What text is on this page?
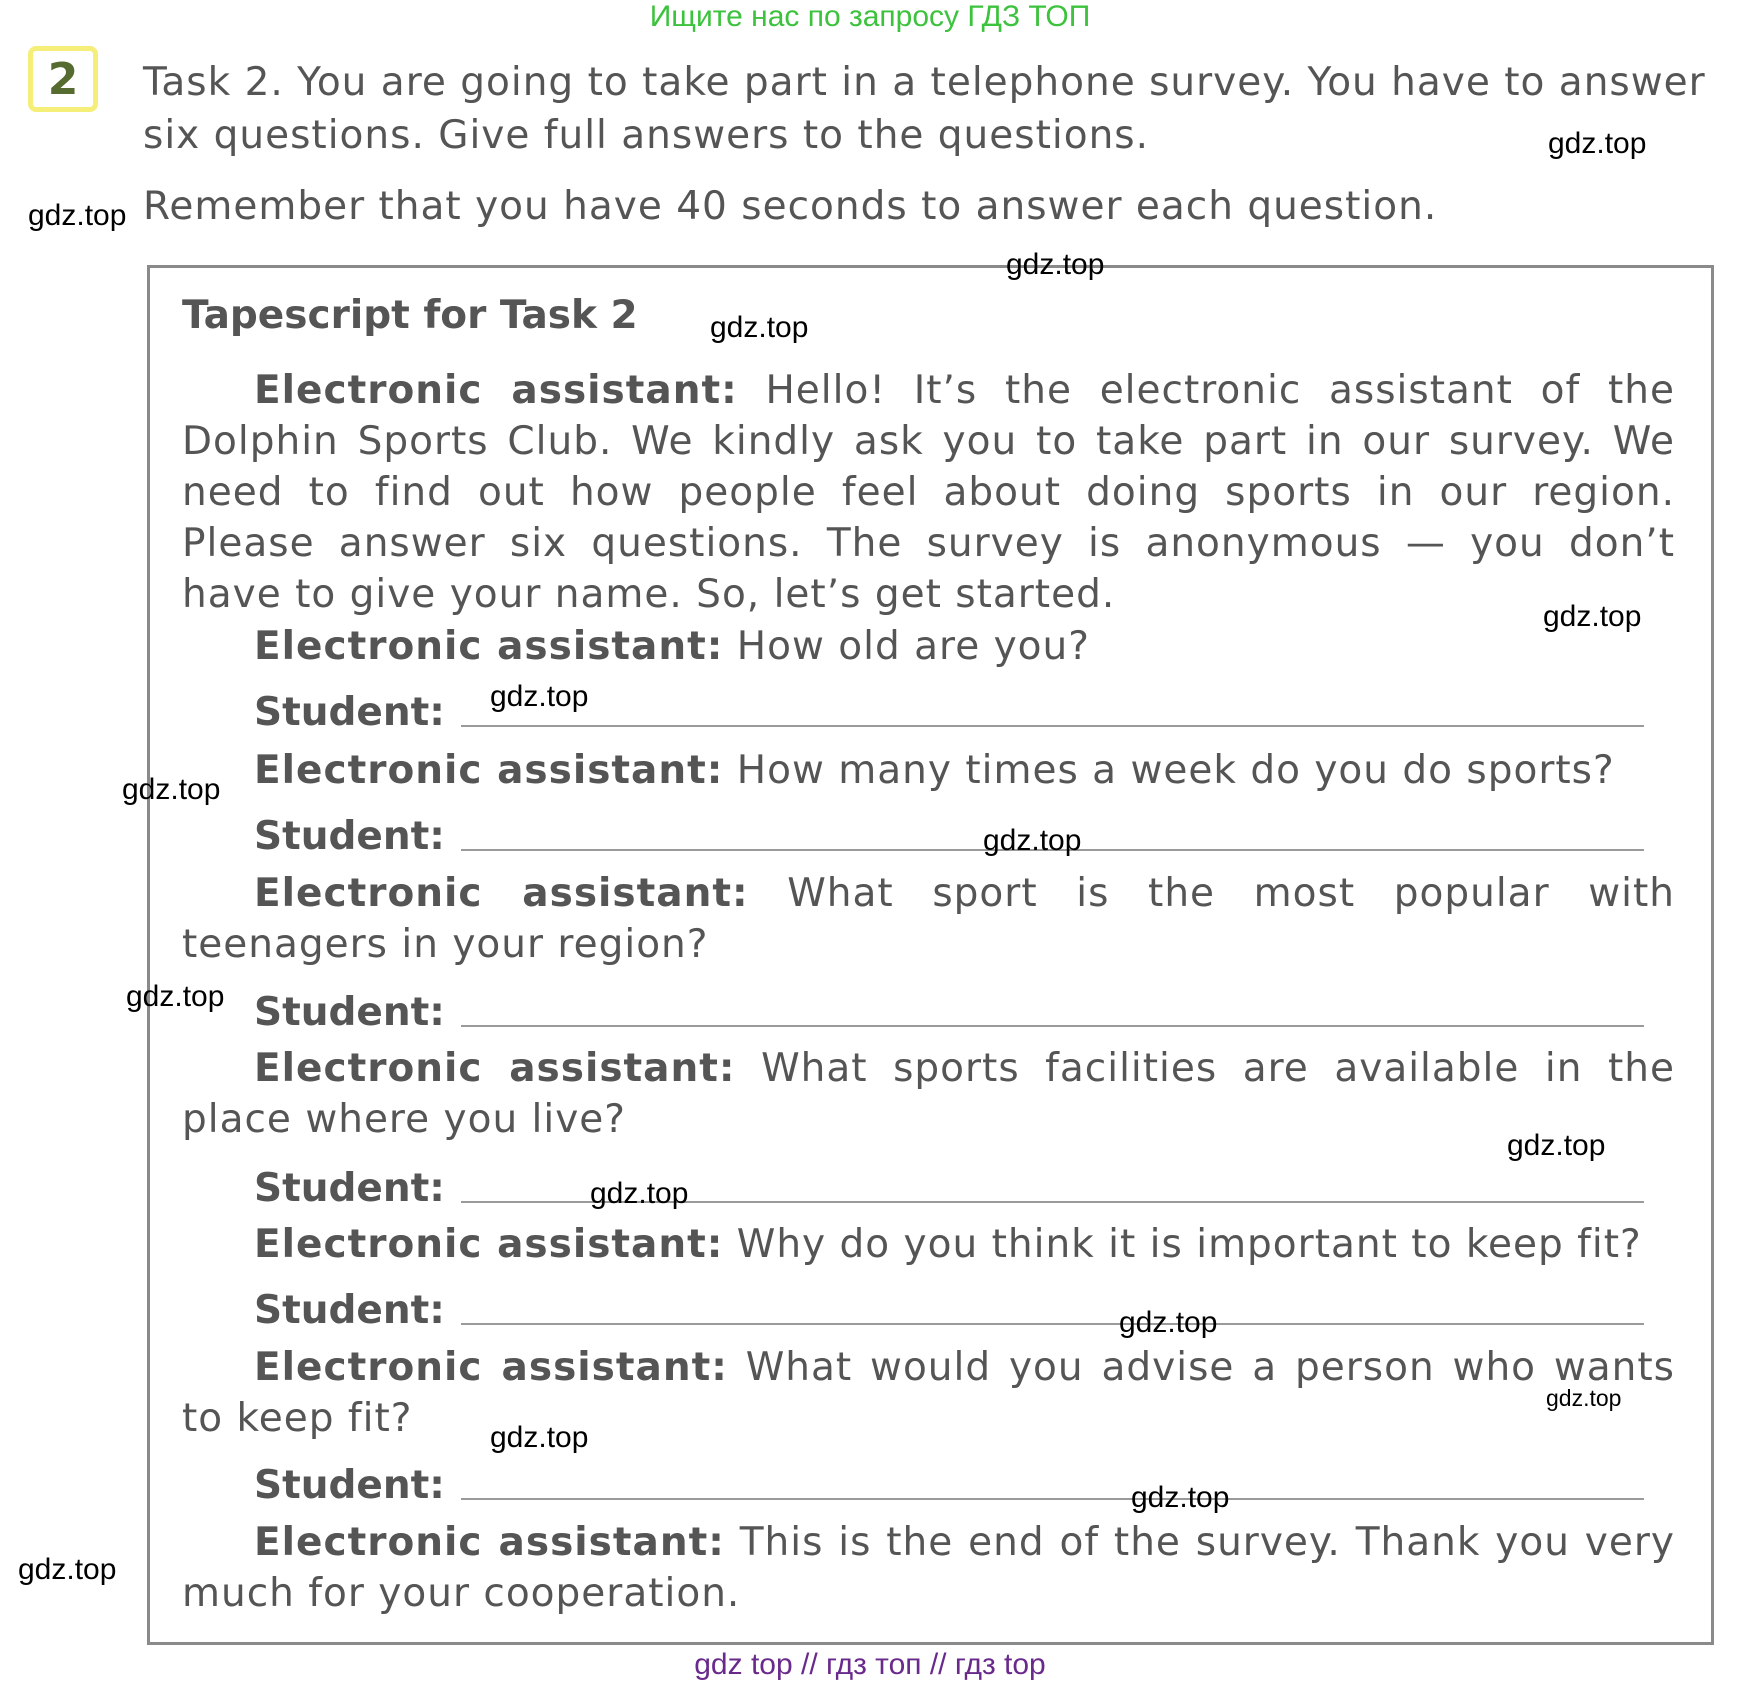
Ищите нас по запросу ГДЗ ТОП
2	Task 2. You are going to take part in a telephone survey. You have to answer six questions. Give full answers to the questions.
Remember that you have 40 seconds to answer each question.
Tapescript for Task 2
Electronic assistant: Hello! It’s the electronic assistant of the Dolphin Sports Club. We kindly ask you to take part in our survey. We need to find out how people feel about doing sports in our region. Please answer six questions. The survey is anonymous — you don’t have to give your name. So, let’s get started.
Electronic assistant: How old are you?
Student:
Electronic assistant: How many times a week do you do sports?
Student:
Electronic assistant: What sport is the most popular with teenagers in your region?
Student:
Electronic assistant: What sports facilities are available in the place where you live?
Student:
Electronic assistant: Why do you think it is important to keep fit?
Student:
Electronic assistant: What would you advise a person who wants to keep fit?
Student:
Electronic assistant: This is the end of the survey. Thank you very much for your cooperation.
gdz.top
gdz.top
gdz.top
gdz.top
gdz.top
gdz.top
gdz.top
gdz.top
gdz.top
gdz.top
gdz.top
gdz.top
gdz.top
gdz.top
gdz.top
gdz.top
gdz top // гдз топ // гдз top
